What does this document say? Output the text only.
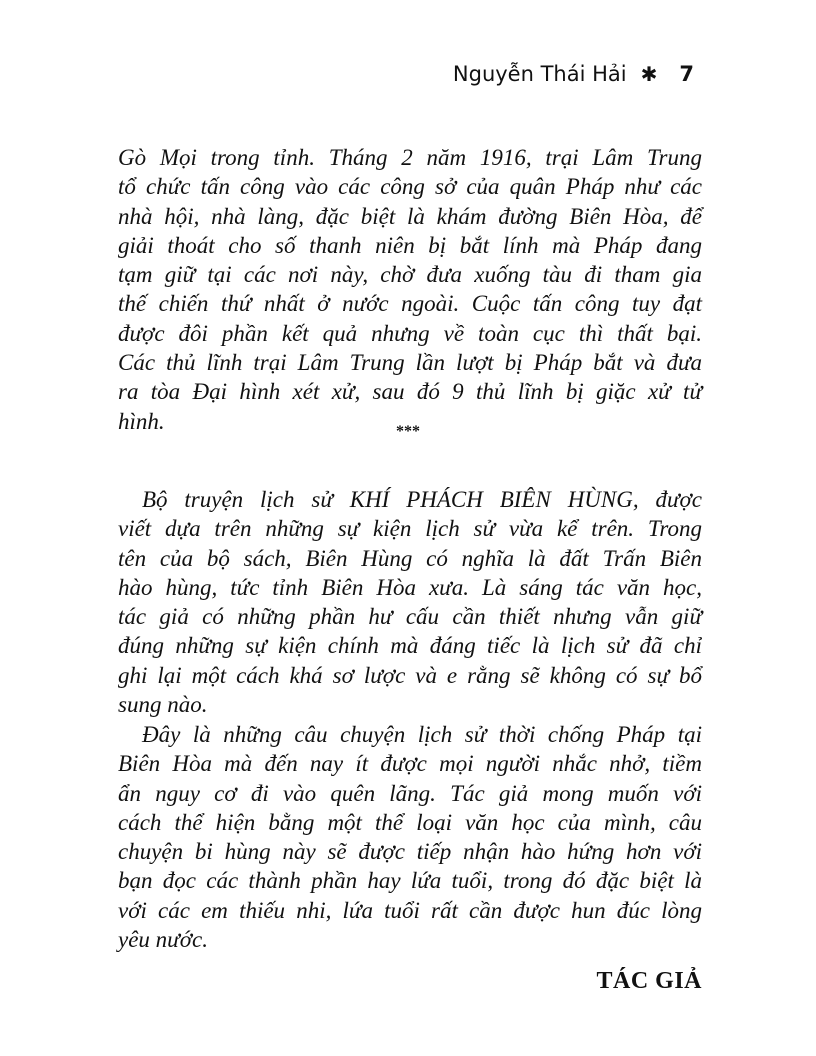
Nguyễn Thái Hải ✱ 7
Gò Mọi trong tỉnh. Tháng 2 năm 1916, trại Lâm Trung
tổ chức tấn công vào các công sở của quân Pháp như các
nhà hội, nhà làng, đặc biệt là khám đường Biên Hòa, để
giải thoát cho số thanh niên bị bắt lính mà Pháp đang
tạm giữ tại các nơi này, chờ đưa xuống tàu đi tham gia
thế chiến thứ nhất ở nước ngoài. Cuộc tấn công tuy đạt
được đôi phần kết quả nhưng về toàn cục thì thất bại.
Các thủ lĩnh trại Lâm Trung lần lượt bị Pháp bắt và đưa
ra tòa Đại hình xét xử, sau đó 9 thủ lĩnh bị giặc xử tử
hình.	***
Bộ truyện lịch sử KHÍ PHÁCH BIÊN HÙNG, được
viết dựa trên những sự kiện lịch sử vừa kể trên. Trong
tên của bộ sách, Biên Hùng có nghĩa là đất Trấn Biên
hào hùng, tức tỉnh Biên Hòa xưa. Là sáng tác văn học,
tác giả có những phần hư cấu cần thiết nhưng vẫn giữ
đúng những sự kiện chính mà đáng tiếc là lịch sử đã chỉ
ghi lại một cách khá sơ lược và e rằng sẽ không có sự bổ
sung nào.
Đây là những câu chuyện lịch sử thời chống Pháp tại
Biên Hòa mà đến nay ít được mọi người nhắc nhở, tiềm
ẩn nguy cơ đi vào quên lãng. Tác giả mong muốn với
cách thể hiện bằng một thể loại văn học của mình, câu
chuyện bi hùng này sẽ được tiếp nhận hào hứng hơn với
bạn đọc các thành phần hay lứa tuổi, trong đó đặc biệt là
với các em thiếu nhi, lứa tuổi rất cần được hun đúc lòng
yêu nước.
TÁC GIẢ
